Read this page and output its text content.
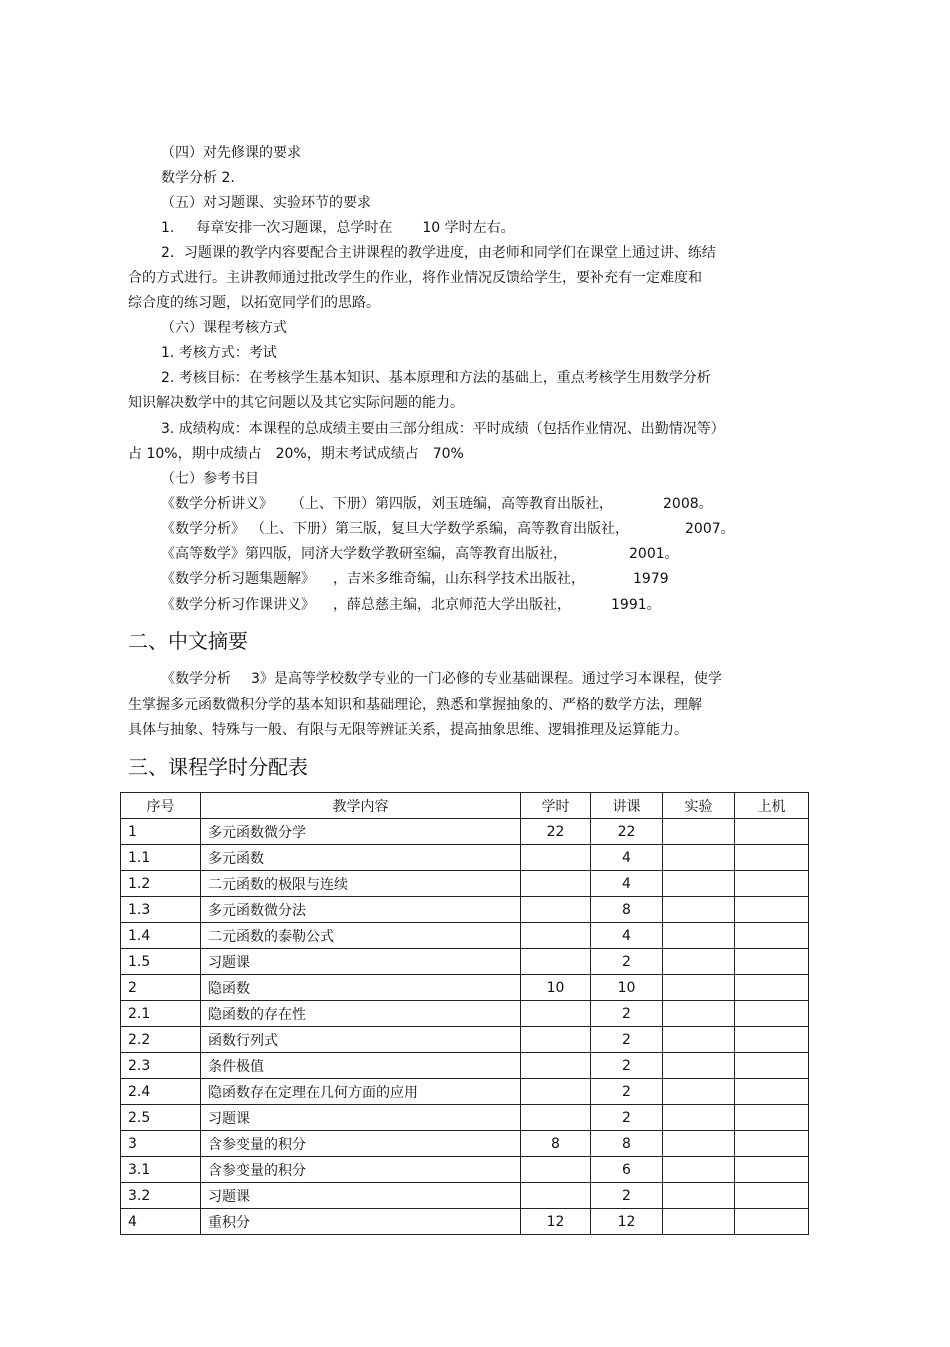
（四）对先修课的要求
数学分析 2.
（五）对习题课、实验环节的要求
1. 每章安排一次习题课，总学时在 10 学时左右。
2．习题课的教学内容要配合主讲课程的教学进度，由老师和同学们在课堂上通过讲、练结
合的方式进行。主讲教师通过批改学生的作业，将作业情况反馈给学生，要补充有一定难度和
综合度的练习题，以拓宽同学们的思路。
（六）课程考核方式
1. 考核方式：考试
2. 考核目标：在考核学生基本知识、基本原理和方法的基础上，重点考核学生用数学分析
知识解决数学中的其它问题以及其它实际问题的能力。
3. 成绩构成：本课程的总成绩主要由三部分组成：平时成绩（包括作业情况、出勤情况等）
占 10%，期中成绩占 20%，期末考试成绩占 70%
（七）参考书目
《数学分析讲义》 （上、下册）第四版，刘玉琏编，高等教育出版社，	2008。
《数学分析》 （上、下册）第三版，复旦大学数学系编，高等教育出版社，	2007。
《高等数学》第四版，同济大学数学教研室编，高等教育出版社，	2001。
《数学分析习题集题解》 ，吉米多维奇编，山东科学技术出版社，	1979
《数学分析习作课讲义》 ，薛总慈主编，北京师范大学出版社，	1991。
二、中文摘要
《数学分析 3》是高等学校数学专业的一门必修的专业基础课程。通过学习本课程，使学
生掌握多元函数微积分学的基本知识和基础理论，熟悉和掌握抽象的、严格的数学方法，理解
具体与抽象、特殊与一般、有限与无限等辨证关系，提高抽象思维、逻辑推理及运算能力。
三、课程学时分配表
序号	教学内容	学时	讲课	实验	上机
1	多元函数微分学	22	22		
1.1	多元函数		4		
1.2	二元函数的极限与连续		4		
1.3	多元函数微分法		8		
1.4	二元函数的泰勒公式		4		
1.5	习题课		2		
2	隐函数	10	10		
2.1	隐函数的存在性		2		
2.2	函数行列式		2		
2.3	条件极值		2		
2.4	隐函数存在定理在几何方面的应用		2		
2.5	习题课		2		
3	含参变量的积分	8	8		
3.1	含参变量的积分		6		
3.2	习题课		2		
4	重积分	12	12		
